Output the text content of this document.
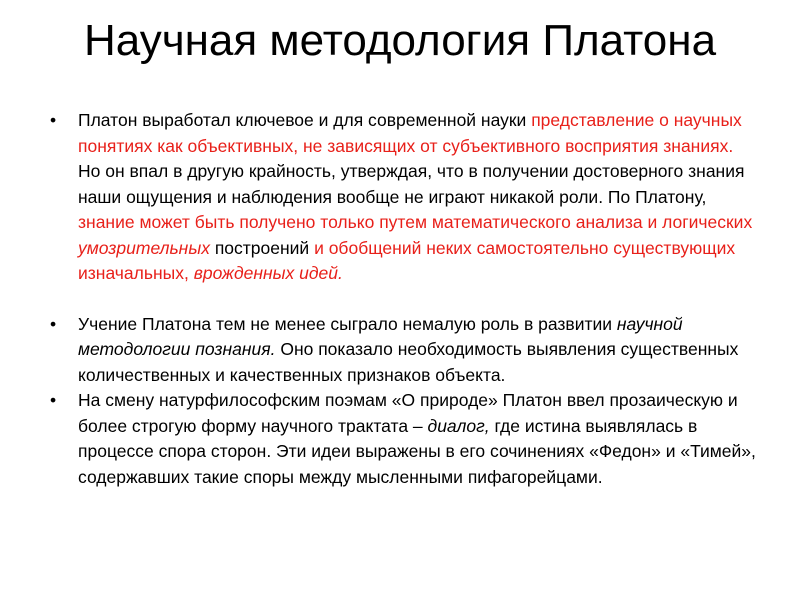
• Платон выработал ключевое и для современной науки представление о научных понятиях как объективных, не зависящих от субъективного восприятия знаниях. Но он впал в другую крайность, утверждая, что в получении достоверного знания наши ощущения и наблюдения вообще не играют никакой роли. По Платону, знание может быть получено только путем математического анализа и логических умозрительных построений и обобщений неких самостоятельно существующих изначальных, врожденных идей.
• Учение Платона тем не менее сыграло немалую роль в развитии научной методологии познания. Оно показало необходимость выявления существенных количественных и качественных признаков объекта.
• На смену натурфилософским поэмам «О природе» Платон ввел прозаическую и более строгую форму научного трактата – диалог, где истина выявлялась в процессе спора сторон. Эти идеи выражены в его сочинениях «Федон» и «Тимей», содержавших такие споры между мысленными пифагорейцами.
Научная методология Платона
